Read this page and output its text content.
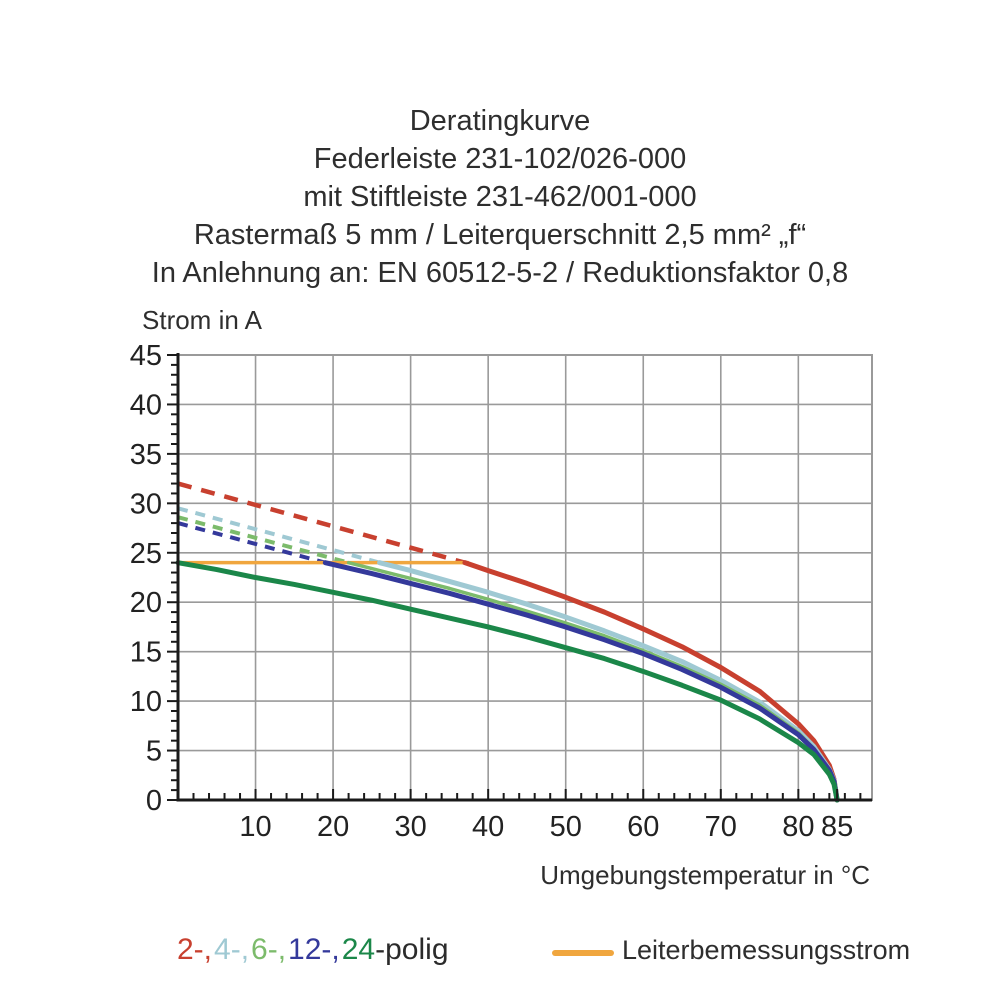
Deratingkurve
Federleiste 231-102/026-000
mit Stiftleiste 231-462/001-000
Rastermaß 5 mm / Leiterquerschnitt 2,5 mm² „f“
In Anlehnung an: EN 60512-5-2 / Reduktionsfaktor 0,8
Strom in A
10 20 30 40 50 60 70 80 85
0
5
10
15
20
25
30
35
40
45
Umgebungstemperatur in °C
2-,4-,6-,12-,24-polig	Leiterbemessungsstrom
